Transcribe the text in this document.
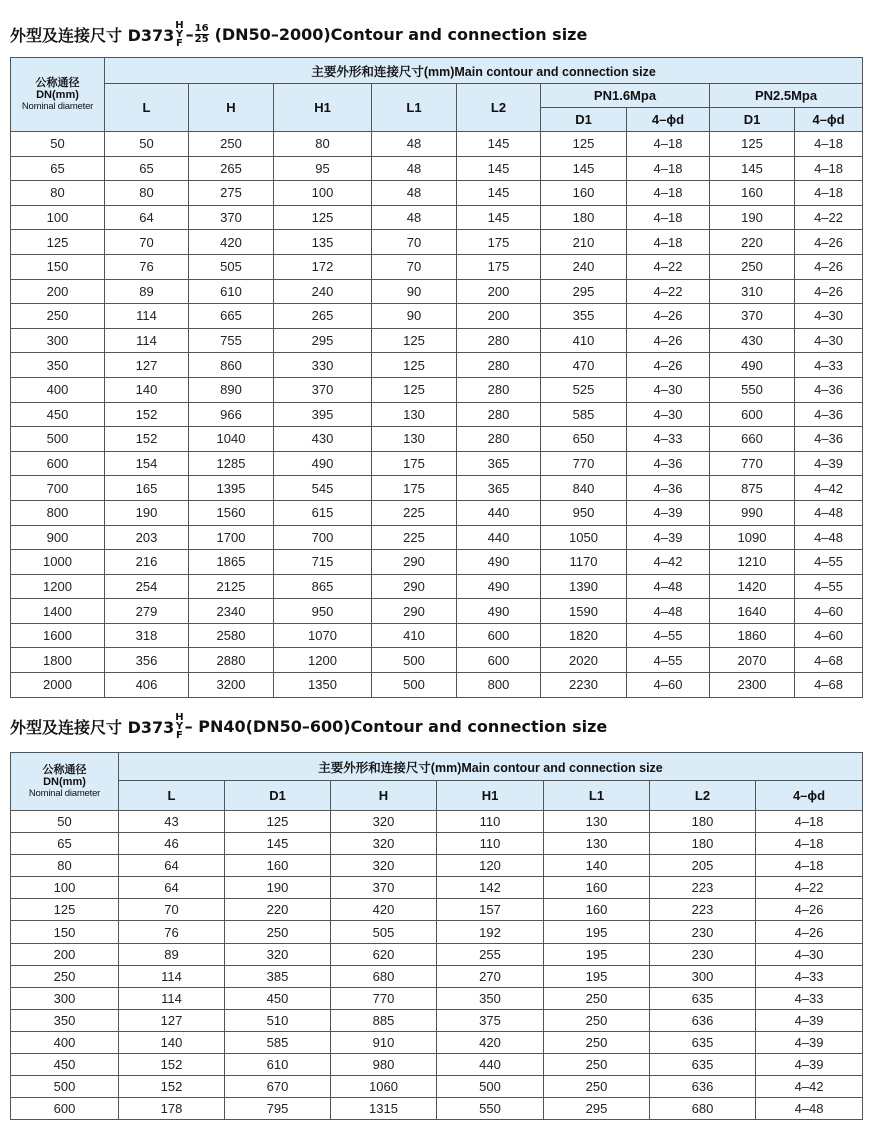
外型及连接尺寸 D373
H
Y
F – $\frac{16}{25}$ (DN50–2000)Contour and connection size
公称通径
DN(mm)
Nominal diameter	主要外形和连接尺寸(mm)Main contour and connection size								
	L	H	H1	L1	L2	PN1.6Mpa		PN2.5Mpa	
						D1	4–ϕd	D1	4–ϕd
50	50	250	80	48	145	125	4–18	125	4–18
65	65	265	95	48	145	145	4–18	145	4–18
80	80	275	100	48	145	160	4–18	160	4–18
100	64	370	125	48	145	180	4–18	190	4–22
125	70	420	135	70	175	210	4–18	220	4–26
150	76	505	172	70	175	240	4–22	250	4–26
200	89	610	240	90	200	295	4–22	310	4–26
250	114	665	265	90	200	355	4–26	370	4–30
300	114	755	295	125	280	410	4–26	430	4–30
350	127	860	330	125	280	470	4–26	490	4–33
400	140	890	370	125	280	525	4–30	550	4–36
450	152	966	395	130	280	585	4–30	600	4–36
500	152	1040	430	130	280	650	4–33	660	4–36
600	154	1285	490	175	365	770	4–36	770	4–39
700	165	1395	545	175	365	840	4–36	875	4–42
800	190	1560	615	225	440	950	4–39	990	4–48
900	203	1700	700	225	440	1050	4–39	1090	4–48
1000	216	1865	715	290	490	1170	4–42	1210	4–55
1200	254	2125	865	290	490	1390	4–48	1420	4–55
1400	279	2340	950	290	490	1590	4–48	1640	4–60
1600	318	2580	1070	410	600	1820	4–55	1860	4–60
1800	356	2880	1200	500	600	2020	4–55	2070	4–68
2000	406	3200	1350	500	800	2230	4–60	2300	4–68
外型及连接尺寸 D373
H
Y
F – PN40(DN50–600)Contour and connection size
公称通径
DN(mm)
Nominal diameter	主要外形和连接尺寸(mm)Main contour and connection size						
	L	D1	H	H1	L1	L2	4–ϕd
50	43	125	320	110	130	180	4–18
65	46	145	320	110	130	180	4–18
80	64	160	320	120	140	205	4–18
100	64	190	370	142	160	223	4–22
125	70	220	420	157	160	223	4–26
150	76	250	505	192	195	230	4–26
200	89	320	620	255	195	230	4–30
250	114	385	680	270	195	300	4–33
300	114	450	770	350	250	635	4–33
350	127	510	885	375	250	636	4–39
400	140	585	910	420	250	635	4–39
450	152	610	980	440	250	635	4–39
500	152	670	1060	500	250	636	4–42
600	178	795	1315	550	295	680	4–48
